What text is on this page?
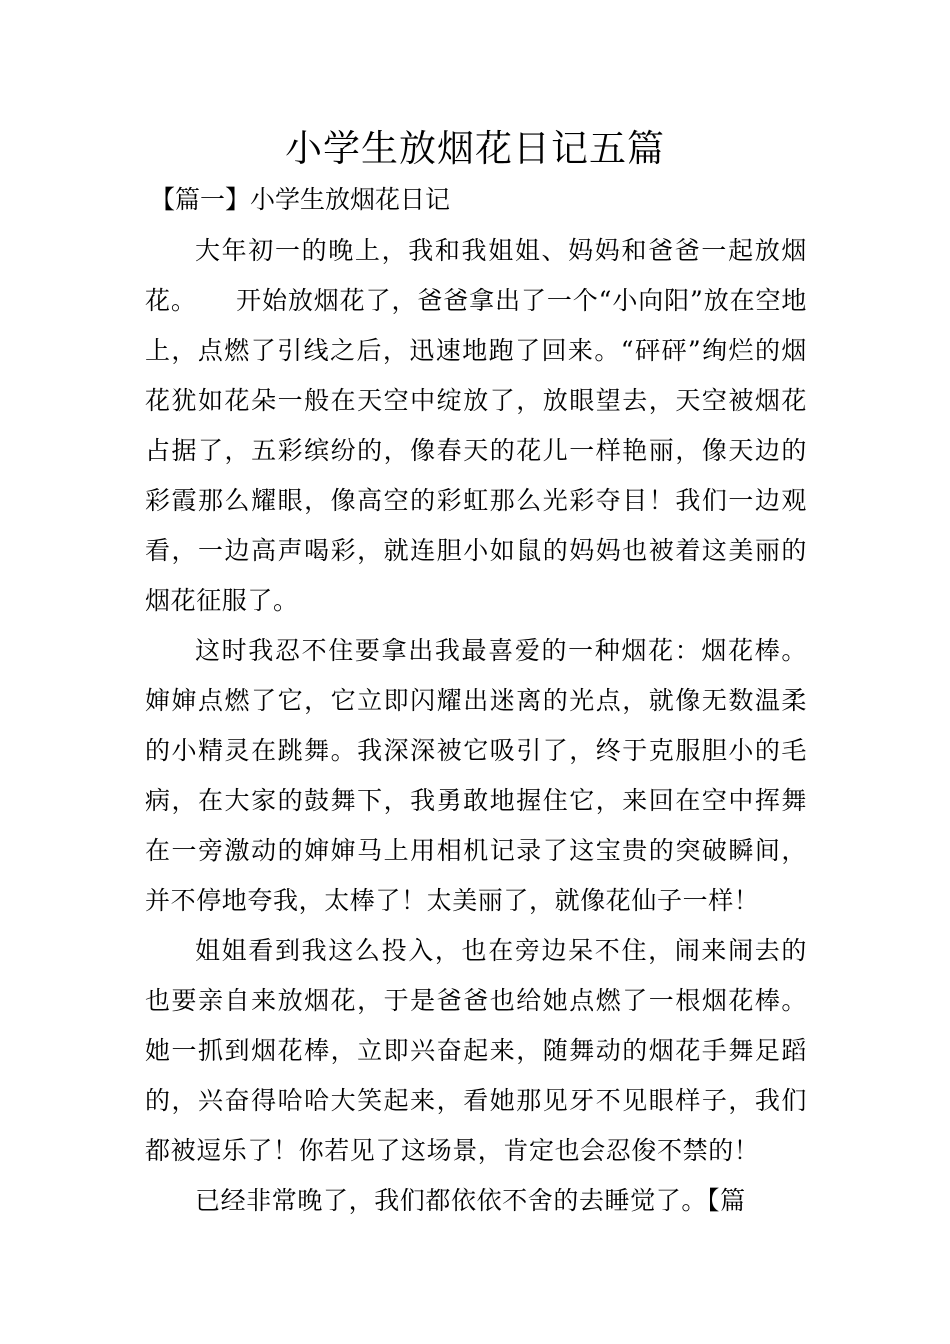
小学生放烟花日记五篇
【篇一】小学生放烟花日记

大年初一的晚上，我和我姐姐、妈妈和爸爸一起放烟花。　　开始放烟花了，爸爸拿出了一个“小向阳”放在空地上，点燃了引线之后，迅速地跑了回来。“砰砰”绚烂的烟花犹如花朵一般在天空中绽放了，放眼望去，天空被烟花占据了，五彩缤纷的，像春天的花儿一样艳丽，像天边的彩霞那么耀眼，像高空的彩虹那么光彩夺目！我们一边观看，一边高声喝彩，就连胆小如鼠的妈妈也被着这美丽的烟花征服了。

这时我忍不住要拿出我最喜爱的一种烟花：烟花棒。婶婶点燃了它，它立即闪耀出迷离的光点，就像无数温柔的小精灵在跳舞。我深深被它吸引了，终于克服胆小的毛病，在大家的鼓舞下，我勇敢地握住它，来回在空中挥舞在一旁激动的婶婶马上用相机记录了这宝贵的突破瞬间，并不停地夸我，太棒了！太美丽了，就像花仙子一样！

姐姐看到我这么投入，也在旁边呆不住，闹来闹去的也要亲自来放烟花，于是爸爸也给她点燃了一根烟花棒。她一抓到烟花棒，立即兴奋起来，随舞动的烟花手舞足蹈的，兴奋得哈哈大笑起来，看她那见牙不见眼样子，我们都被逗乐了！你若见了这场景，肯定也会忍俊不禁的！

已经非常晚了，我们都依依不舍的去睡觉了。【篇
